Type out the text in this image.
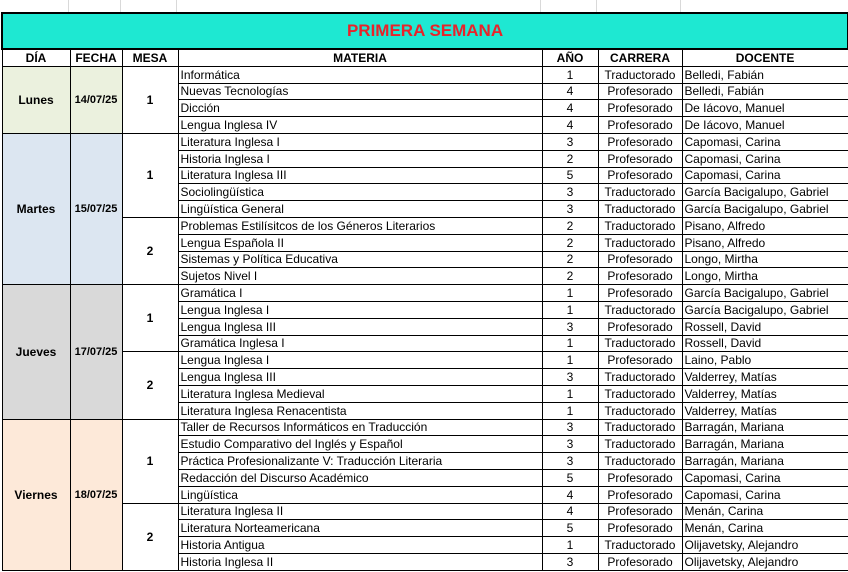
PRIMERA SEMANA						
DÍA	FECHA	MESA	MATERIA	AÑO	CARRERA	DOCENTE
Lunes	14/07/25	1	Informática	1	Traductorado	Belledi, Fabián
			Nuevas Tecnologías	4	Profesorado	Belledi, Fabián
			Dicción	4	Profesorado	De Iácovo, Manuel
			Lengua Inglesa IV	4	Profesorado	De Iácovo, Manuel
Martes	15/07/25	1	Literatura Inglesa I	3	Profesorado	Capomasi, Carina
			Historia Inglesa I	2	Profesorado	Capomasi, Carina
			Literatura Inglesa III	5	Profesorado	Capomasi, Carina
			Sociolingüística	3	Traductorado	García Bacigalupo, Gabriel
			Lingüística General	3	Traductorado	García Bacigalupo, Gabriel
		2	Problemas Estilísitcos de los Géneros Literarios	2	Traductorado	Pisano, Alfredo
			Lengua Española II	2	Traductorado	Pisano, Alfredo
			Sistemas y Política Educativa	2	Profesorado	Longo, Mirtha
			Sujetos Nivel I	2	Profesorado	Longo, Mirtha
Jueves	17/07/25	1	Gramática I	1	Profesorado	García Bacigalupo, Gabriel
			Lengua Inglesa I	1	Traductorado	García Bacigalupo, Gabriel
			Lengua Inglesa III	3	Profesorado	Rossell, David
			Gramática Inglesa I	1	Traductorado	Rossell, David
		2	Lengua Inglesa I	1	Profesorado	Laino, Pablo
			Lengua Inglesa III	3	Traductorado	Valderrey, Matías
			Literatura Inglesa Medieval	1	Traductorado	Valderrey, Matías
			Literatura Inglesa Renacentista	1	Traductorado	Valderrey, Matías
Viernes	18/07/25	1	Taller de Recursos Informáticos en Traducción	3	Traductorado	Barragán, Mariana
			Estudio Comparativo del Inglés y Español	3	Traductorado	Barragán, Mariana
			Práctica Profesionalizante V: Traducción Literaria	3	Traductorado	Barragán, Mariana
			Redacción del Discurso Académico	5	Profesorado	Capomasi, Carina
			Lingüística	4	Profesorado	Capomasi, Carina
		2	Literatura Inglesa II	4	Profesorado	Menán, Carina
			Literatura Norteamericana	5	Profesorado	Menán, Carina
			Historia Antigua	1	Traductorado	Olijavetsky, Alejandro
			Historia Inglesa II	3	Profesorado	Olijavetsky, Alejandro
